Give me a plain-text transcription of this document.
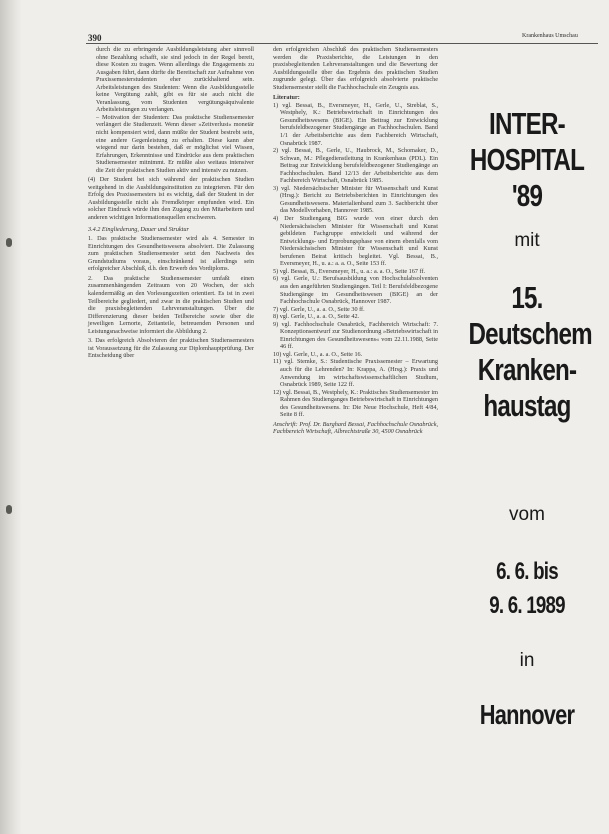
390	Krankenhaus Umschau

durch die zu erbringende Ausbildungsleistung aber sinnvoll ohne Bezahlung schafft, sie sind jedoch in der Regel bereit, diese Kosten zu tragen. Wenn allerdings die Engagements zu Ausgaben führt, dann dürfte die Bereitschaft zur Aufnahme von Praxissemesterstudenten eher zurückhaltend sein. Arbeitsleistungen des Studenten: Wenn die Ausbildungsstelle keine Vergütung zahlt, gibt es für sie auch nicht die Veranlassung, vom Studenten vergütungsäquivalente Arbeitsleistungen zu verlangen.

– Motivation der Studenten: Das praktische Studiensemester verlängert die Studienzeit. Wenn dieser »Zeitverlust« monetär nicht kompensiert wird, dann müßte der Student bestrebt sein, eine andere Gegenleistung zu erhalten. Diese kann aber wiegend nur darin bestehen, daß er möglichst viel Wissen, Erfahrungen, Erkenntnisse und Eindrücke aus dem praktischen Studiensemester mitnimmt. Er müßte also weitaus intensiver die Zeit der praktischen Studien aktiv und intensiv zu nutzen.

(4) Der Student bei sich während der praktischen Studien weitgehend in die Ausbildungsinstitution zu integrieren. Für den Erfolg des Praxissemesters ist es wichtig, daß der Student in der Ausbildungsstelle nicht als Fremdkörper empfunden wird. Ein solcher Eindruck würde ihm den Zugang zu den Mitarbeitern und anderen wichtigen Informationsquellen erschweren.

3.4.2 Eingliederung, Dauer und Struktur

1. Das praktische Studiensemester wird als 4. Semester in Einrichtungen des Gesundheitswesens absolviert. Die Zulassung zum praktischen Studiensemester setzt den Nachweis des Grundstudiums voraus, einschränkend ist allerdings sein erfolgreicher Abschluß, d.h. den Erwerb des Vordiploms.

2. Das praktische Studiensemester umfaßt einen zusammenhängenden Zeitraum von 20 Wochen, der sich kalendermäßig an den Vorlesungszeiten orientiert. Es ist in zwei Teilbereiche gegliedert, und zwar in die praktischen Studien und die praxisbegleitenden Lehrveranstaltungen. Über die Differenzierung dieser beiden Teilbereiche sowie über die jeweiligen Lernorte, Zeitanteile, betreuenden Personen und Leistungsnachweise informiert die Abbildung 2.

3. Das erfolgreich Absolvieren der praktischen Studiensemesters ist Voraussetzung für die Zulassung zur Diplomhauptprüfung. Der Entscheidung über

den erfolgreichen Abschluß des praktischen Studiensemesters werden die Praxisberichte, die Leistungen in den praxisbegleitenden Lehrveranstaltungen und die Bewertung der Ausbildungsstelle über das Ergebnis des praktischen Studien zugrunde gelegt. Über das erfolgreich absolvierte praktische Studiensemester stellt die Fachhochschule ein Zeugnis aus.

Literatur:

1) vgl. Bessai, B., Eversmeyer, H., Gerle, U., Streblat, S., Westphely, K.: Betriebswirtschaft in Einrichtungen des Gesundheitswesens (BIGE). Ein Beitrag zur Entwicklung berufsfeldbezogener Studiengänge an Fachhochschulen. Band 1/1 der Arbeitsberichte aus dem Fachbereich Wirtschaft, Osnabrück 1987.
2) vgl. Bessai, B., Gerle, U., Haubrock, M., Schomaker, D., Schwan, M.: Pflegedienstleitung in Krankenhaus (PDL). Ein Beitrag zur Entwicklung berufsfeldbezogener Studiengänge an Fachhochschulen. Band 12/13 der Arbeitsberichte aus dem Fachbereich Wirtschaft, Osnabrück 1985.
3) vgl. Niedersächsischer Minister für Wissenschaft und Kunst (Hrsg.): Bericht zu Betriebsberichten in Einrichtungen des Gesundheitswesens. Materialienband zum 3. Sachbericht über das Modellvorhaben, Hannover 1985.
4) Der Studiengang BIG wurde von einer durch den Niedersächsischen Minister für Wissenschaft und Kunst gebildeten Fachgruppe entwickelt und während der Entwicklungs- und Erprobungsphase von einem ebenfalls vom Niedersächsischen Minister für Wissenschaft und Kunst berufenen Beirat kritisch begleitet. Vgl. Bessai, B., Eversmeyer, H., u. a.: a. a. O., Seite 153 ff.
5) vgl. Bessai, B., Eversmeyer, H., u. a.: a. a. O., Seite 167 ff.
6) vgl. Gerle, U.: Berufsausbildung von Hochschulabsolventen aus den angeführten Studiengängen. Teil I: Berufsfeldbezogene Studiengänge im Gesundheitswesen (BIGE) an der Fachhochschule Osnabrück, Hannover 1987.
7) vgl. Gerle, U., a. a. O., Seite 30 ff.
8) vgl. Gerle, U., a. a. O., Seite 42.
9) vgl. Fachhochschule Osnabrück, Fachbereich Wirtschaft: 7. Konzeptionsentwurf zur Studienordnung »Betriebswirtschaft in Einrichtungen des Gesundheitswesens« vom 22.11.1988, Seite 46 ff.
10) vgl. Gerle, U., a. a. O., Seite 16.
11) vgl. Stemke, S.: Studentische Praxissemester – Erwartung auch für die Lehrenden? In: Krappa, A. (Hrsg.): Praxis und Anwendung im wirtschaftswissenschaftlichen Studium, Osnabrück 1989, Seite 122 ff.
12) vgl. Bessai, B., Westphely, K.: Praktisches Studiensemester im Rahmen des Studienganges Betriebswirtschaft in Einrichtungen des Gesundheitswesens. In: Die Neue Hochschule, Heft 4/84, Seite 8 ff.

Anschrift: Prof. Dr. Burghard Bessai, Fachhochschule Osnabrück, Fachbereich Wirtschaft, Albrechtstraße 30, 4500 Osnabrück

INTER-
HOSPITAL
'89
mit
15.
Deutschem
Kranken-
haustag
vom
6. 6. bis
9. 6. 1989
in
Hannover
